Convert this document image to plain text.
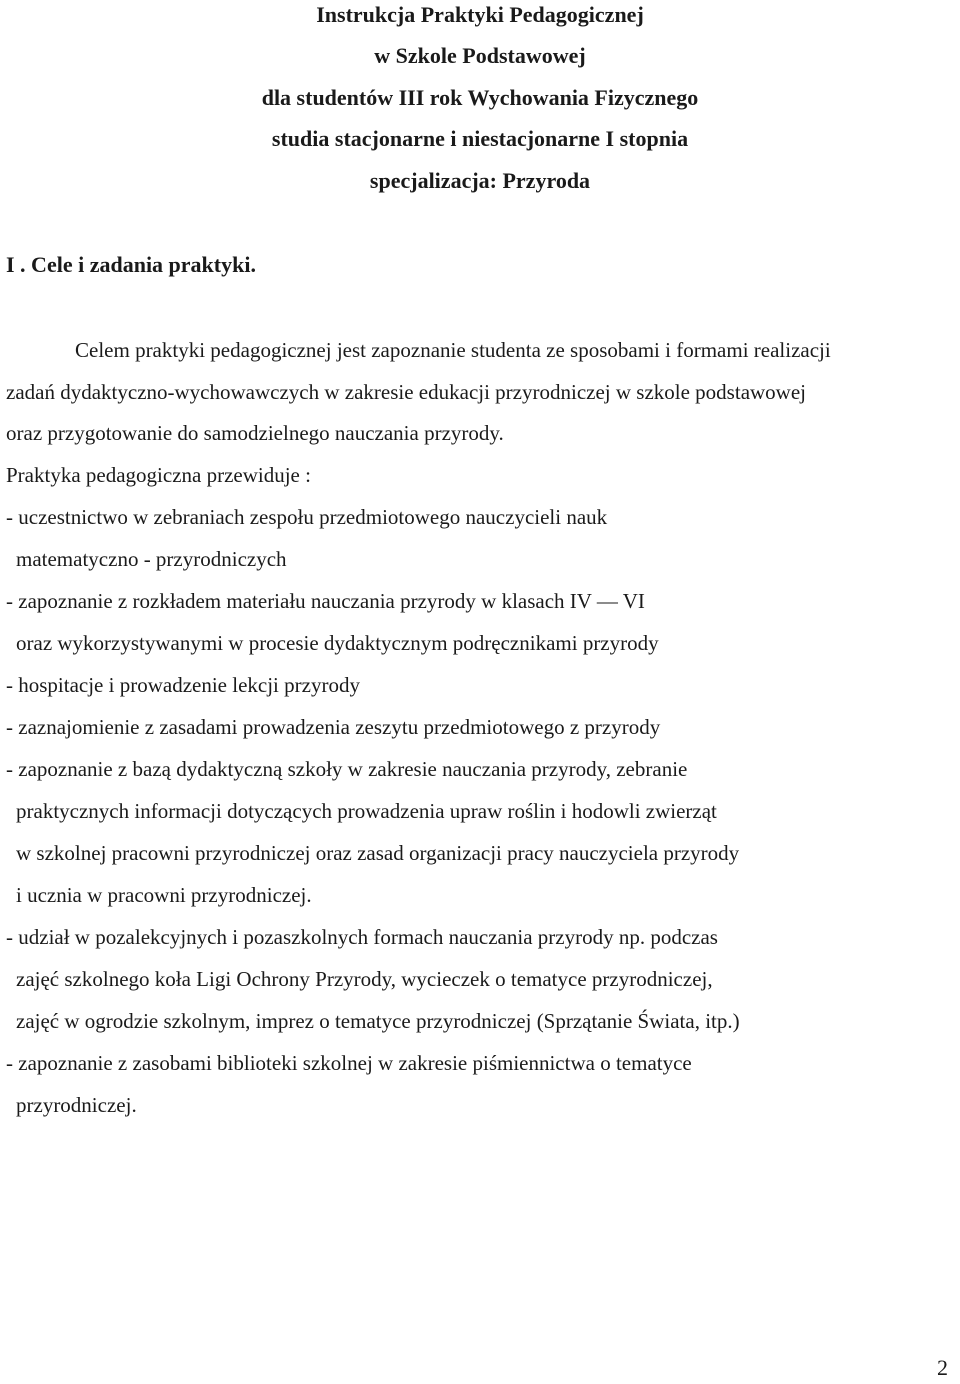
Instrukcja Praktyki Pedagogicznej
w Szkole Podstawowej
dla studentów III rok Wychowania Fizycznego
studia stacjonarne i niestacjonarne I stopnia
specjalizacja: Przyroda
I . Cele i zadania praktyki.
Celem praktyki pedagogicznej jest zapoznanie studenta ze sposobami i formami realizacji
zadań dydaktyczno-wychowawczych w zakresie edukacji przyrodniczej w szkole podstawowej
oraz przygotowanie do samodzielnego nauczania przyrody.
Praktyka pedagogiczna przewiduje :
- uczestnictwo w zebraniach zespołu przedmiotowego nauczycieli nauk
matematyczno - przyrodniczych
- zapoznanie z rozkładem materiału nauczania przyrody w klasach IV — VI
oraz wykorzystywanymi w procesie dydaktycznym podręcznikami przyrody
- hospitacje i prowadzenie lekcji przyrody
- zaznajomienie z zasadami prowadzenia zeszytu przedmiotowego z przyrody
- zapoznanie z bazą dydaktyczną szkoły w zakresie nauczania przyrody, zebranie
praktycznych informacji dotyczących prowadzenia upraw roślin i hodowli zwierząt
w szkolnej pracowni przyrodniczej oraz zasad organizacji pracy nauczyciela przyrody
i ucznia w pracowni przyrodniczej.
- udział w pozalekcyjnych i pozaszkolnych formach nauczania przyrody np. podczas
zajęć szkolnego koła Ligi Ochrony Przyrody, wycieczek o tematyce przyrodniczej,
zajęć w ogrodzie szkolnym, imprez o tematyce przyrodniczej (Sprzątanie Świata, itp.)
- zapoznanie z zasobami biblioteki szkolnej w zakresie piśmiennictwa o tematyce
przyrodniczej.
2
